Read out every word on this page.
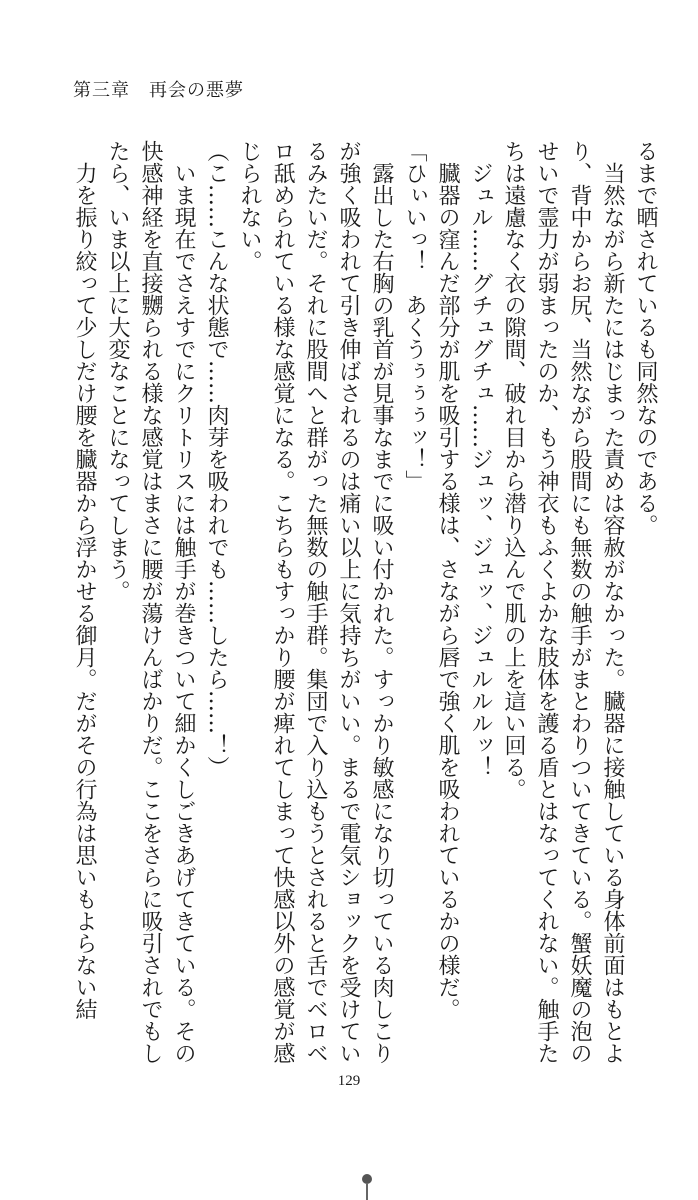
第三章　再会の悪夢

るまで晒されているも同然なのである。

　当然ながら新たにはじまった責めは容赦がなかった。臓器に接触している身体前面はもとより、背中からお尻、当然ながら股間にも無数の触手がまとわりついてきている。蟹妖魔の泡のせいで霊力が弱まったのか、もう神衣もふくよかな肢体を護る盾とはなってくれない。触手たちは遠慮なく衣の隙間、破れ目から潜り込んで肌の上を這い回る。

　ジュル……グチュグチュ……ジュッ、ジュッ、ジュルルルッ！

　臓器の窪んだ部分が肌を吸引する様は、さながら唇で強く肌を吸われているかの様だ。

「ひぃいっ！　あくうぅぅぅッ！」

　露出した右胸の乳首が見事なまでに吸い付かれた。すっかり敏感になり切っている肉しこりが強く吸われて引き伸ばされるのは痛い以上に気持ちがいい。まるで電気ショックを受けているみたいだ。それに股間へと群がった無数の触手群。集団で入り込もうとされると舌でベロベロ舐められている様な感覚になる。こちらもすっかり腰が痺れてしまって快感以外の感覚が感じられない。

（こ……こんな状態で……肉芽を吸われでも……したら……！）

　いま現在でさえすでにクリトリスには触手が巻きついて細かくしごきあげてきている。その快感神経を直接嬲られる様な感覚はまさに腰が蕩けんばかりだ。ここをさらに吸引されでもしたら、いま以上に大変なことになってしまう。

　力を振り絞って少しだけ腰を臓器から浮かせる御月。だがその行為は思いもよらない結

129
